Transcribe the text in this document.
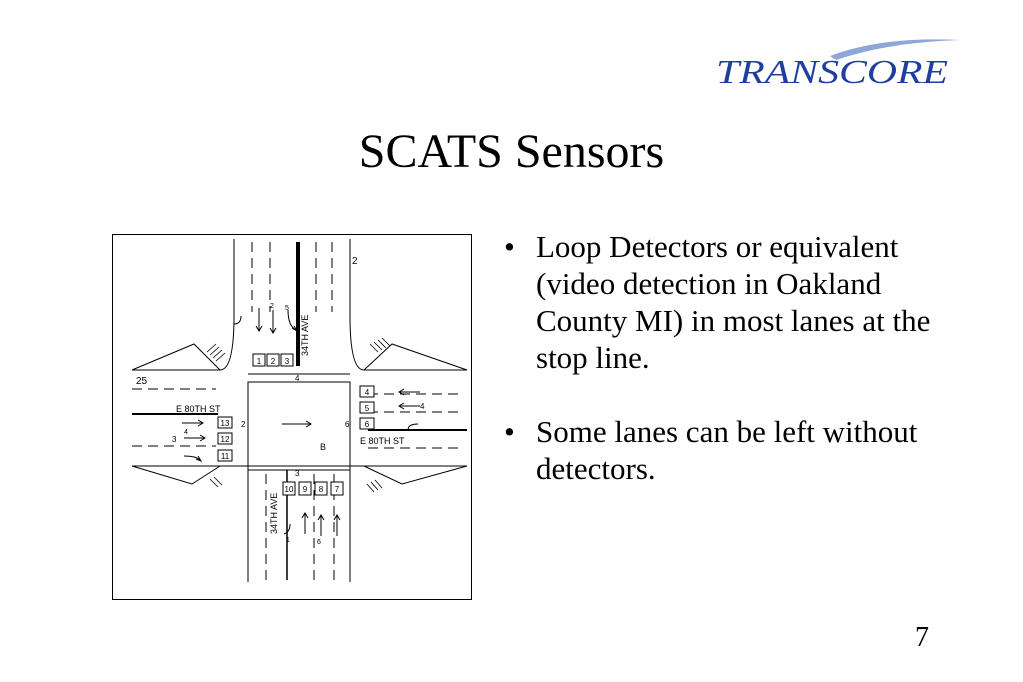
TRANSCORE
SCATS Sensors
1 2 3
13
12
11
4
5
6
10 9 8 7
34TH AVE
34TH AVE
E 80TH ST
E 80TH ST
2
25
B
4
3
2	6
2 5
3
4
4
1	6
• Loop Detectors or equivalent (video detection in Oakland County MI) in most lanes at the stop line.
• Some lanes can be left without detectors.
7
